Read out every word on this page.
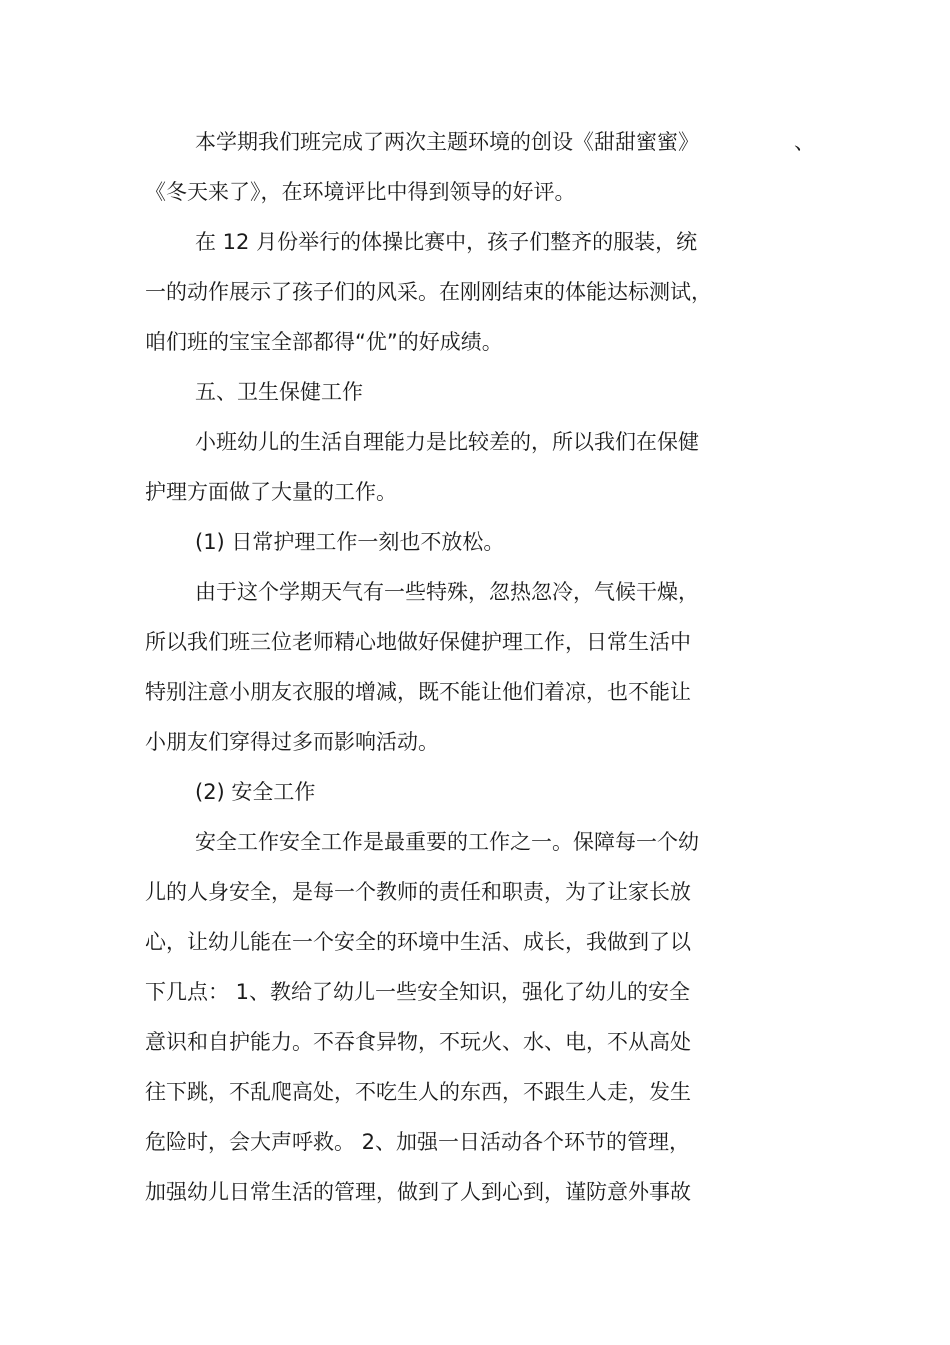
本学期我们班完成了两次主题环境的创设《甜甜蜜蜜》	、
《冬天来了》，在环境评比中得到领导的好评。
在 12 月份举行的体操比赛中，孩子们整齐的服装，统
一的动作展示了孩子们的风采。在刚刚结束的体能达标测试，
咱们班的宝宝全部都得“优”的好成绩。
五、卫生保健工作
小班幼儿的生活自理能力是比较差的，所以我们在保健
护理方面做了大量的工作。
(1) 日常护理工作一刻也不放松。
由于这个学期天气有一些特殊，忽热忽冷，气候干燥，
所以我们班三位老师精心地做好保健护理工作，日常生活中
特别注意小朋友衣服的增减，既不能让他们着凉，也不能让
小朋友们穿得过多而影响活动。
(2) 安全工作
安全工作安全工作是最重要的工作之一。保障每一个幼
儿的人身安全，是每一个教师的责任和职责，为了让家长放
心，让幼儿能在一个安全的环境中生活、成长，我做到了以
下几点： 1、教给了幼儿一些安全知识，强化了幼儿的安全
意识和自护能力。不吞食异物，不玩火、水、电，不从高处
往下跳，不乱爬高处，不吃生人的东西，不跟生人走，发生
危险时，会大声呼救。 2、加强一日活动各个环节的管理，
加强幼儿日常生活的管理，做到了人到心到，谨防意外事故
